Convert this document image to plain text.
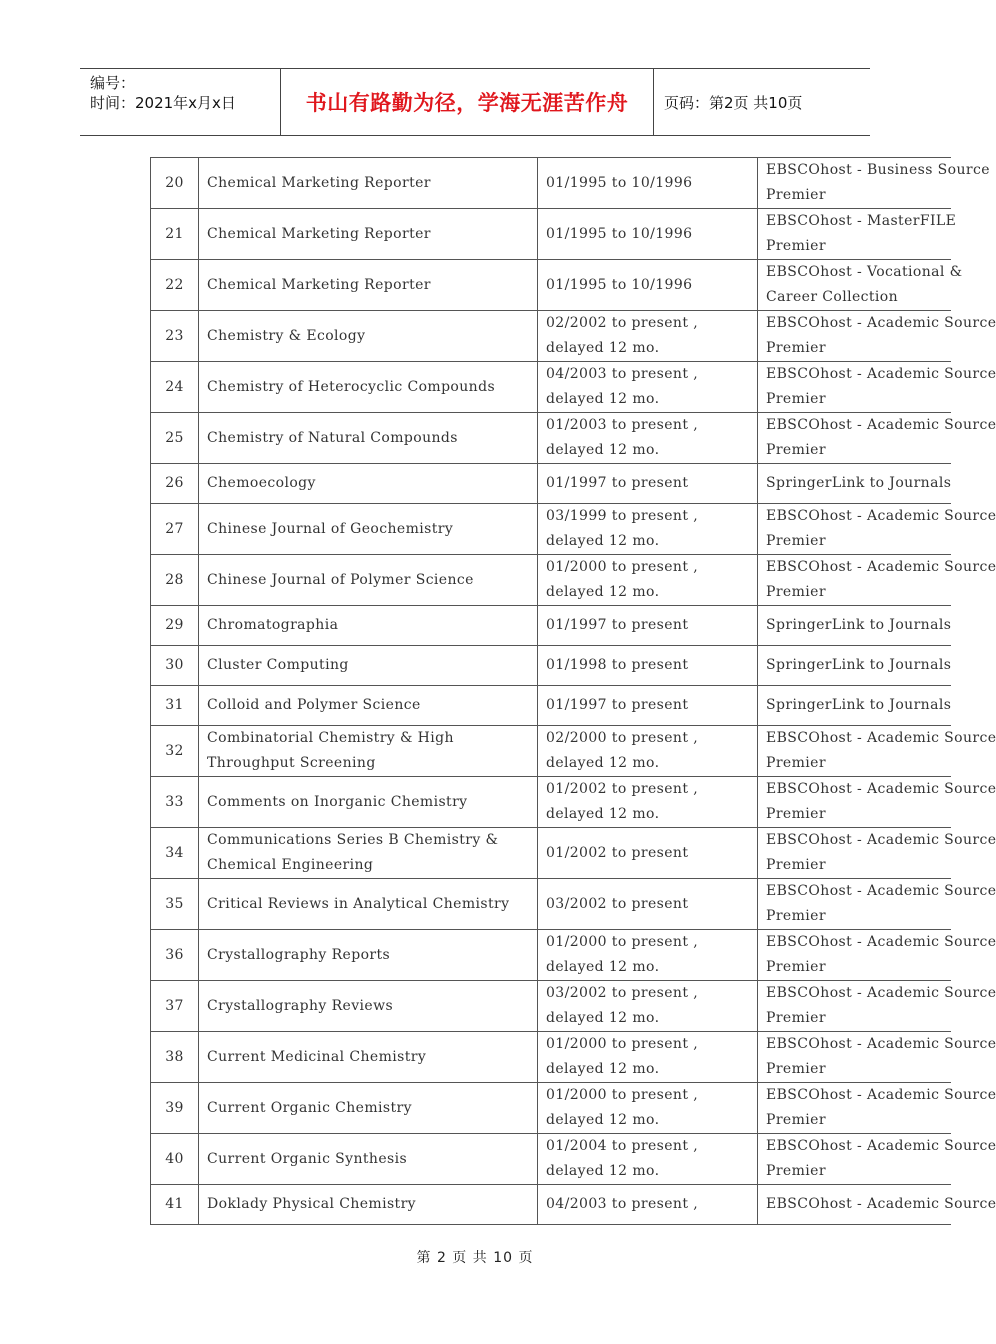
编号：
时间：2021年x月x日	书山有路勤为径，学海无涯苦作舟 页码：第2页 共10页
20	Chemical Marketing Reporter	01/1995 to 10/1996	EBSCOhost - Business Source
Premier

21	Chemical Marketing Reporter	01/1995 to 10/1996	EBSCOhost - MasterFILE
Premier

22	Chemical Marketing Reporter	01/1995 to 10/1996	EBSCOhost - Vocational &
Career Collection

23	Chemistry & Ecology	02/2002 to present ,
delayed 12 mo.	EBSCOhost - Academic Source
Premier

24	Chemistry of Heterocyclic Compounds	04/2003 to present ,
delayed 12 mo.	EBSCOhost - Academic Source
Premier

25	Chemistry of Natural Compounds	01/2003 to present ,
delayed 12 mo.	EBSCOhost - Academic Source
Premier

26	Chemoecology	01/1997 to present	SpringerLink to Journals

27	Chinese Journal of Geochemistry	03/1999 to present ,
delayed 12 mo.	EBSCOhost - Academic Source
Premier

28	Chinese Journal of Polymer Science	01/2000 to present ,
delayed 12 mo.	EBSCOhost - Academic Source
Premier

29	Chromatographia	01/1997 to present	SpringerLink to Journals

30	Cluster Computing	01/1998 to present	SpringerLink to Journals

31	Colloid and Polymer Science	01/1997 to present	SpringerLink to Journals

32	Combinatorial Chemistry & High
Throughput Screening	02/2000 to present ,
delayed 12 mo.	EBSCOhost - Academic Source
Premier

33	Comments on Inorganic Chemistry	01/2002 to present ,
delayed 12 mo.	EBSCOhost - Academic Source
Premier

34	Communications Series B Chemistry &
Chemical Engineering	01/2002 to present	EBSCOhost - Academic Source
Premier

35	Critical Reviews in Analytical Chemistry	03/2002 to present	EBSCOhost - Academic Source
Premier

36	Crystallography Reports	01/2000 to present ,
delayed 12 mo.	EBSCOhost - Academic Source
Premier

37	Crystallography Reviews	03/2002 to present ,
delayed 12 mo.	EBSCOhost - Academic Source
Premier

38	Current Medicinal Chemistry	01/2000 to present ,
delayed 12 mo.	EBSCOhost - Academic Source
Premier

39	Current Organic Chemistry	01/2000 to present ,
delayed 12 mo.	EBSCOhost - Academic Source
Premier

40	Current Organic Synthesis	01/2004 to present ,
delayed 12 mo.	EBSCOhost - Academic Source
Premier

41	Doklady Physical Chemistry	04/2003 to present ,	EBSCOhost - Academic Source
第 2 页 共 10 页
